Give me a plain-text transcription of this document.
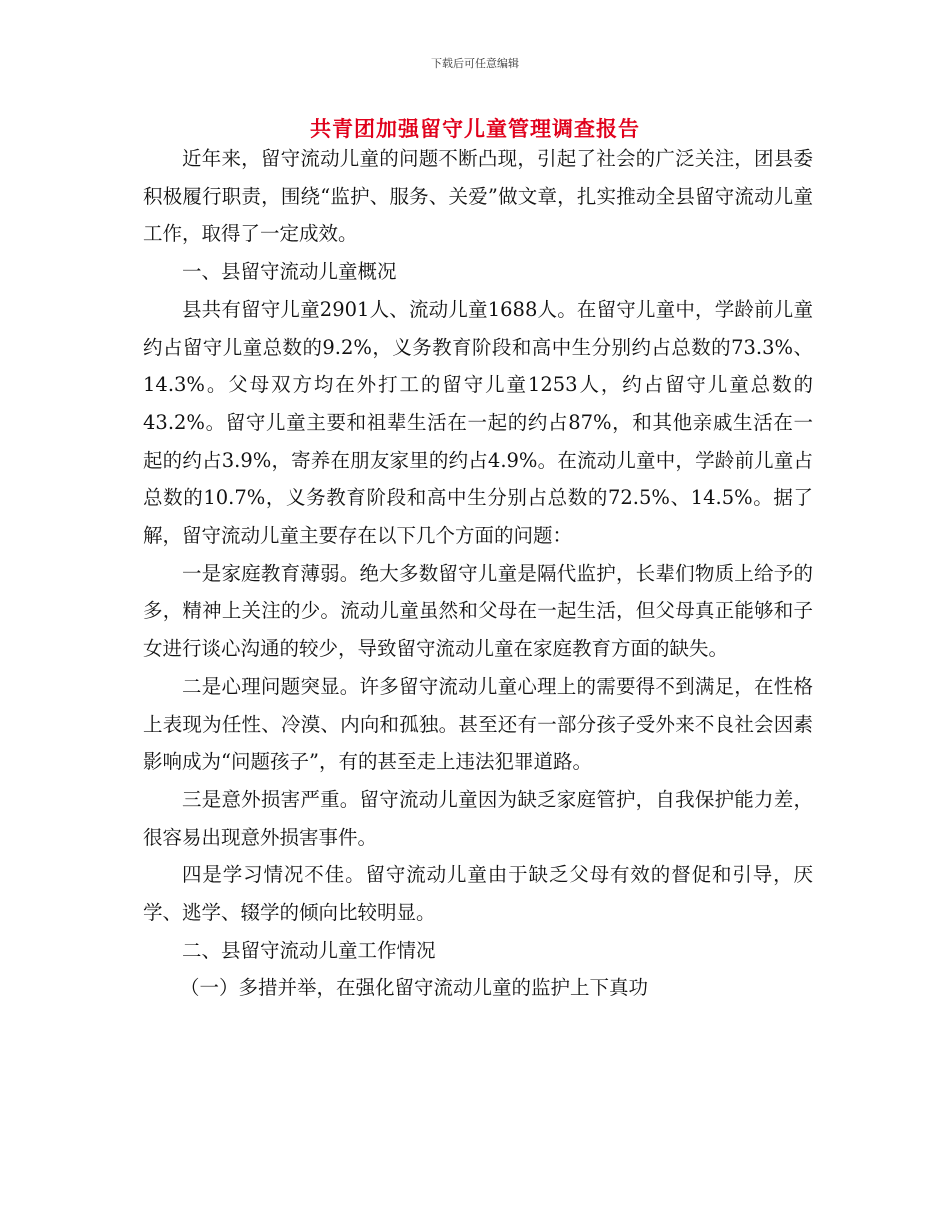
下载后可任意编辑
共青团加强留守儿童管理调查报告

近年来，留守流动儿童的问题不断凸现，引起了社会的广泛关注，团县委积极履行职责，围绕“监护、服务、关爱”做文章，扎实推动全县留守流动儿童工作，取得了一定成效。

一、县留守流动儿童概况

县共有留守儿童2901人、流动儿童1688人。在留守儿童中，学龄前儿童约占留守儿童总数的9.2%，义务教育阶段和高中生分别约占总数的73.3%、14.3%。父母双方均在外打工的留守儿童1253人，约占留守儿童总数的43.2%。留守儿童主要和祖辈生活在一起的约占87%，和其他亲戚生活在一起的约占3.9%，寄养在朋友家里的约占4.9%。在流动儿童中，学龄前儿童占总数的10.7%，义务教育阶段和高中生分别占总数的72.5%、14.5%。据了解，留守流动儿童主要存在以下几个方面的问题：

一是家庭教育薄弱。绝大多数留守儿童是隔代监护，长辈们物质上给予的多，精神上关注的少。流动儿童虽然和父母在一起生活，但父母真正能够和子女进行谈心沟通的较少，导致留守流动儿童在家庭教育方面的缺失。

二是心理问题突显。许多留守流动儿童心理上的需要得不到满足，在性格上表现为任性、冷漠、内向和孤独。甚至还有一部分孩子受外来不良社会因素影响成为“问题孩子”，有的甚至走上违法犯罪道路。

三是意外损害严重。留守流动儿童因为缺乏家庭管护，自我保护能力差，很容易出现意外损害事件。

四是学习情况不佳。留守流动儿童由于缺乏父母有效的督促和引导，厌学、逃学、辍学的倾向比较明显。

二、县留守流动儿童工作情况

（一）多措并举，在强化留守流动儿童的监护上下真功
